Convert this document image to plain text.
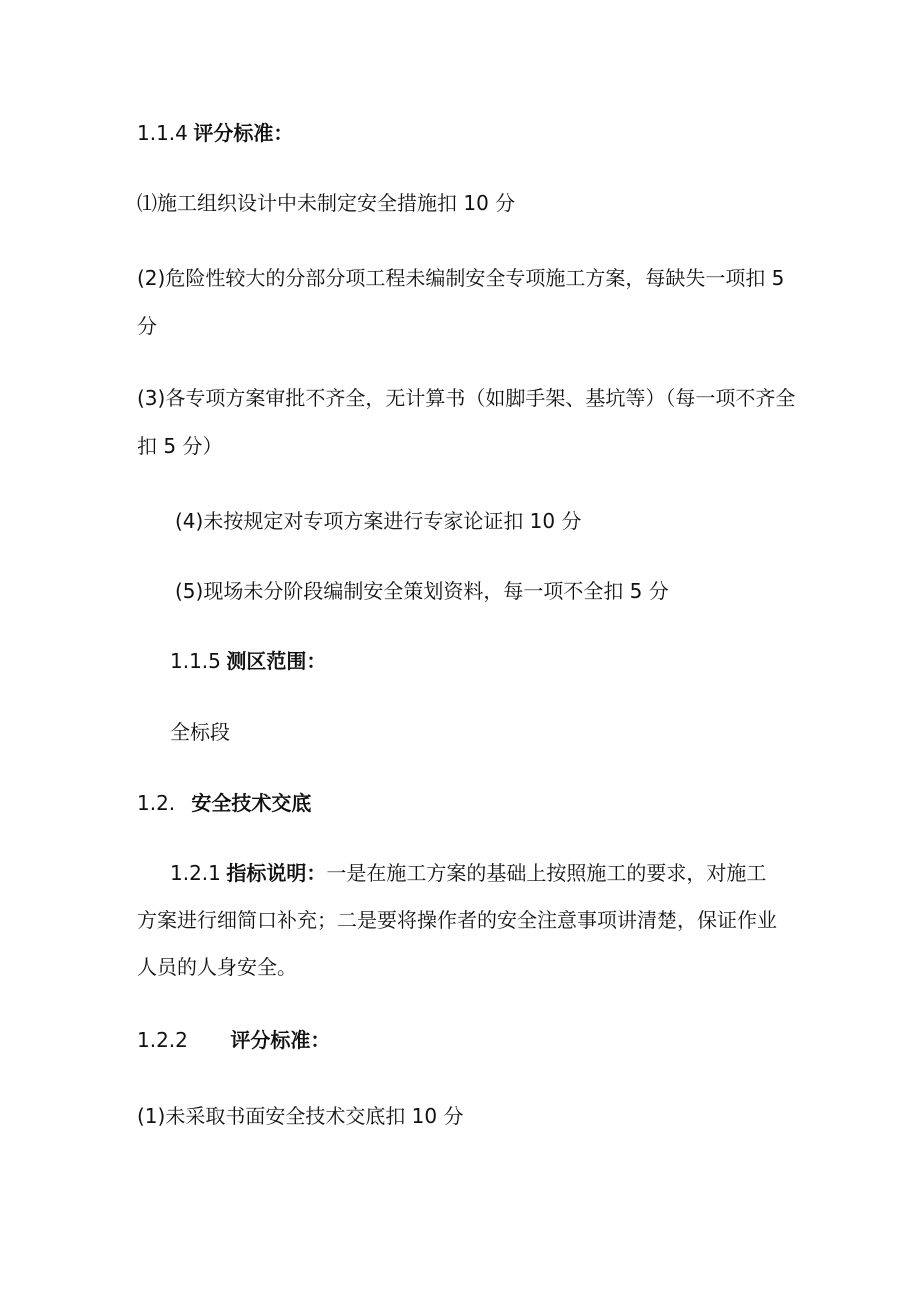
1.1.4 评分标准：
⑴施工组织设计中未制定安全措施扣 10 分
(2)危险性较大的分部分项工程未编制安全专项施工方案，每缺失一项扣 5
分
(3)各专项方案审批不齐全，无计算书（如脚手架、基坑等）（每一项不齐全
扣 5 分）
(4)未按规定对专项方案进行专家论证扣 10 分
(5)现场未分阶段编制安全策划资料，每一项不全扣 5 分
1.1.5 测区范围：
全标段
1.2. 安全技术交底
1.2.1 指标说明：一是在施工方案的基础上按照施工的要求，对施工
方案进行细简口补充；二是要将操作者的安全注意事项讲清楚，保证作业
人员的人身安全。
1.2.2 评分标准：
(1)未采取书面安全技术交底扣 10 分
